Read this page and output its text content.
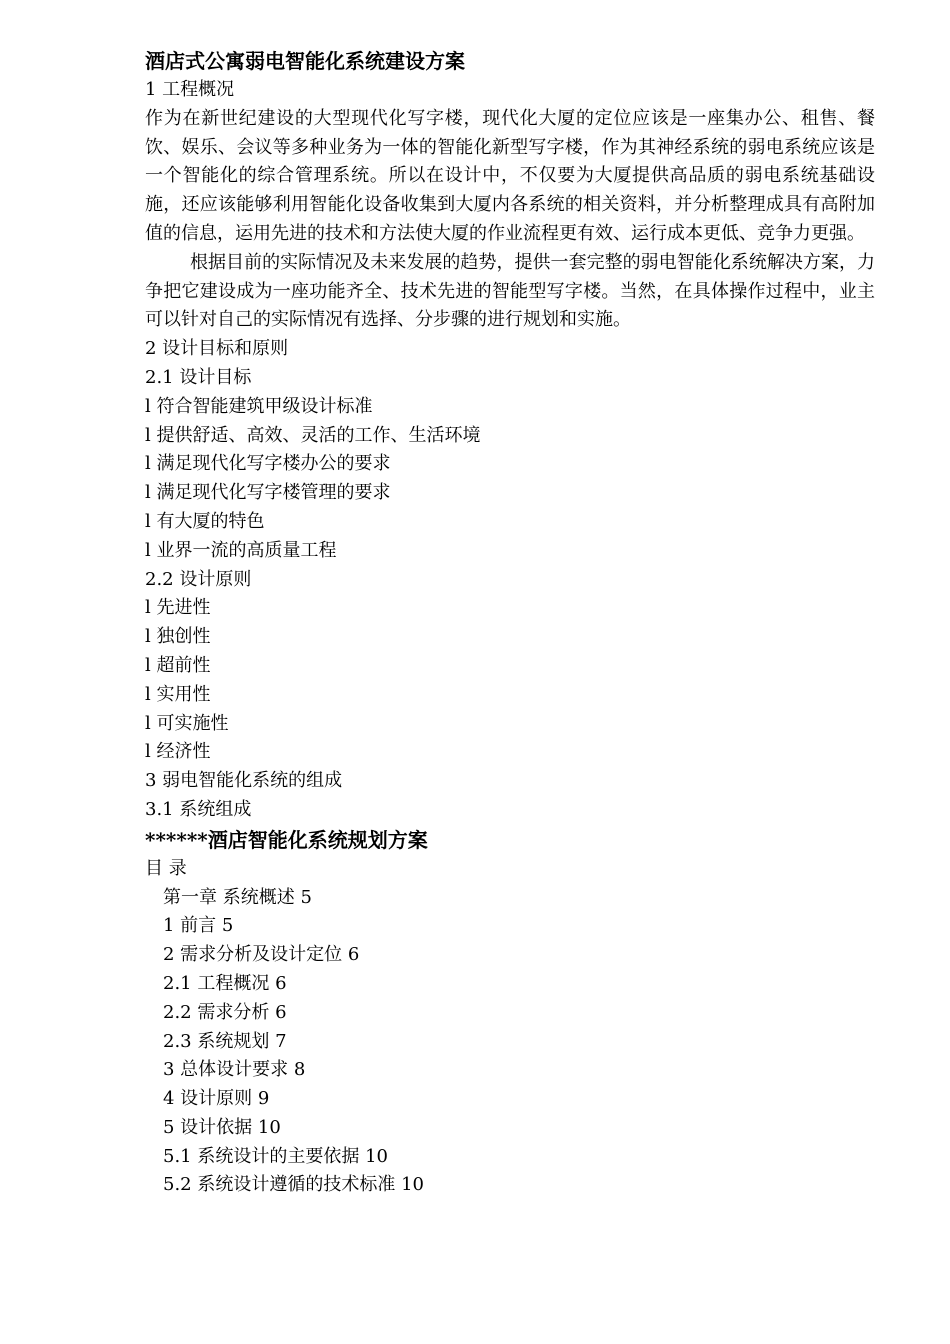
酒店式公寓弱电智能化系统建设方案
1 工程概况

作为在新世纪建设的大型现代化写字楼，现代化大厦的定位应该是一座集办公、租售、餐饮、娱乐、会议等多种业务为一体的智能化新型写字楼，作为其神经系统的弱电系统应该是一个智能化的综合管理系统。所以在设计中，不仅要为大厦提供高品质的弱电系统基础设施，还应该能够利用智能化设备收集到大厦内各系统的相关资料，并分析整理成具有高附加值的信息，运用先进的技术和方法使大厦的作业流程更有效、运行成本更低、竞争力更强。

根据目前的实际情况及未来发展的趋势，提供一套完整的弱电智能化系统解决方案，力争把它建设成为一座功能齐全、技术先进的智能型写字楼。当然，在具体操作过程中，业主可以针对自己的实际情况有选择、分步骤的进行规划和实施。

2 设计目标和原则
2.1 设计目标
l 符合智能建筑甲级设计标准
l 提供舒适、高效、灵活的工作、生活环境
l 满足现代化写字楼办公的要求
l 满足现代化写字楼管理的要求
l 有大厦的特色
l 业界一流的高质量工程
2.2 设计原则
l 先进性
l 独创性
l 超前性
l 实用性
l 可实施性
l 经济性
3 弱电智能化系统的组成
3.1 系统组成
******酒店智能化系统规划方案
目 录
第一章 系统概述 5
1 前言 5
2 需求分析及设计定位 6
2.1 工程概况 6
2.2 需求分析 6
2.3 系统规划 7
3 总体设计要求 8
4 设计原则 9
5 设计依据 10
5.1 系统设计的主要依据 10
5.2 系统设计遵循的技术标准 10
